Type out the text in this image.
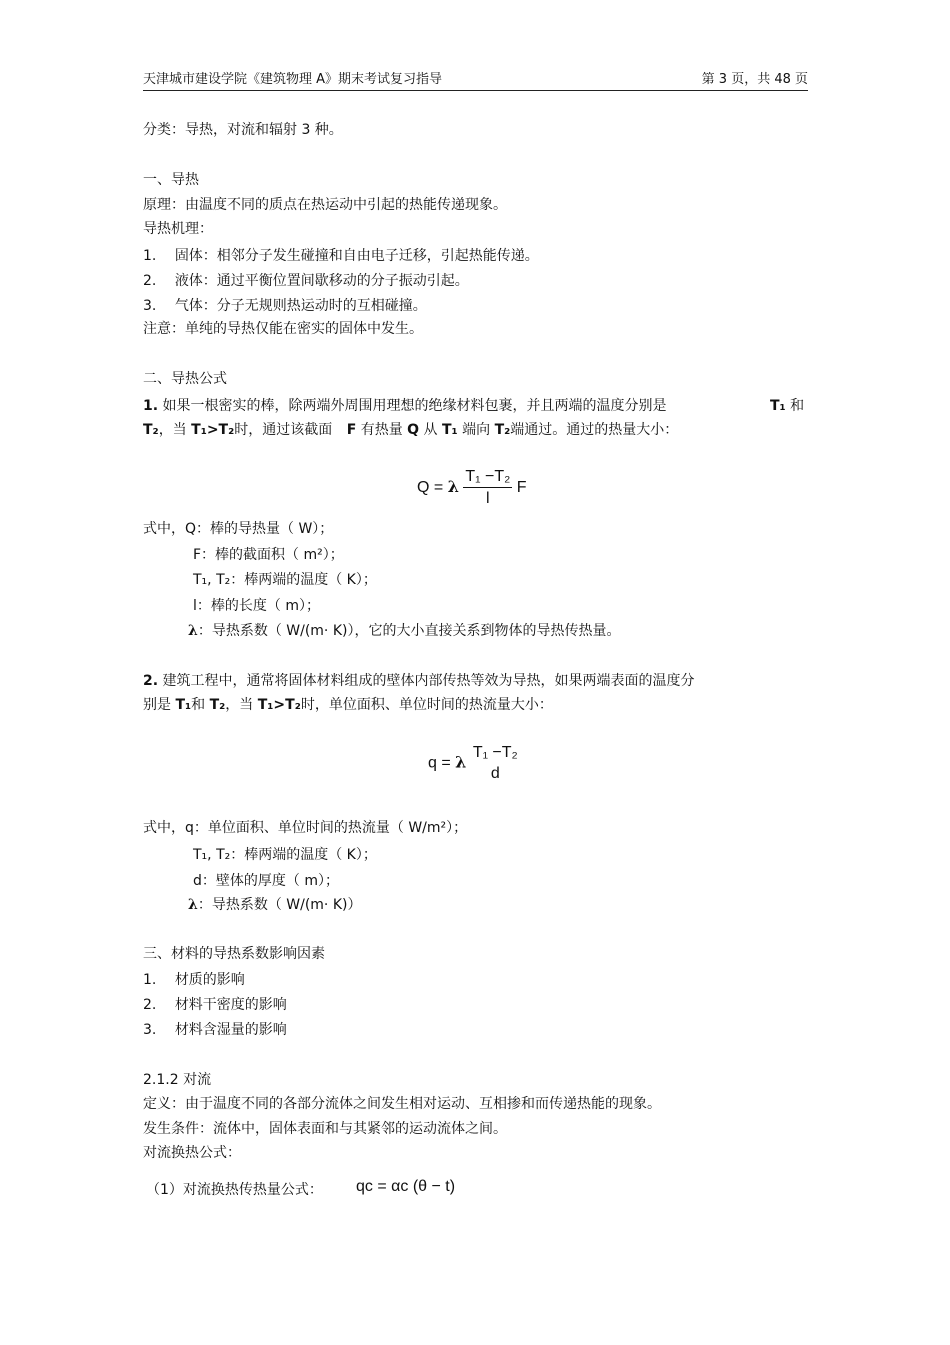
天津城市建设学院《建筑物理 A》期末考试复习指导	第 3 页，共 48 页
分类：导热，对流和辐射 3 种。
一、导热
原理：由温度不同的质点在热运动中引起的热能传递现象。
导热机理：
1. 固体：相邻分子发生碰撞和自由电子迁移，引起热能传递。
2. 液体：通过平衡位置间歇移动的分子振动引起。
3. 气体：分子无规则热运动时的互相碰撞。
注意：单纯的导热仅能在密实的固体中发生。
二、导热公式
1. 如果一根密实的棒，除两端外周围用理想的绝缘材料包裹，并且两端的温度分别是	T₁ 和
T₂，当 T₁>T₂时，通过该截面 F 有热量 Q 从 T₁ 端向 T₂端通过。通过的热量大小：
Q = λ $\frac{\text{T₁ −T₂}}{l}$ F
式中，Q：棒的导热量（ W）；
F：棒的截面积（ m²）；
T₁, T₂：棒两端的温度（ K）；
l：棒的长度（ m）；
λ：导热系数（ W/(m· K)），它的大小直接关系到物体的导热传热量。
2. 建筑工程中，通常将固体材料组成的壁体内部传热等效为导热，如果两端表面的温度分
别是 T₁和 T₂，当 T₁>T₂时，单位面积、单位时间的热流量大小：
q = λ
T₁ −T₂
d
式中，q：单位面积、单位时间的热流量（ W/m²）；
T₁, T₂：棒两端的温度（ K）；
d：壁体的厚度（ m）；
λ：导热系数（ W/(m· K)）
三、材料的导热系数影响因素
1. 材质的影响
2. 材料干密度的影响
3. 材料含湿量的影响
2.1.2 对流
定义：由于温度不同的各部分流体之间发生相对运动、互相掺和而传递热能的现象。
发生条件：流体中，固体表面和与其紧邻的运动流体之间。
对流换热公式：
（1）对流换热传热量公式： qc = αc (θ − t)
